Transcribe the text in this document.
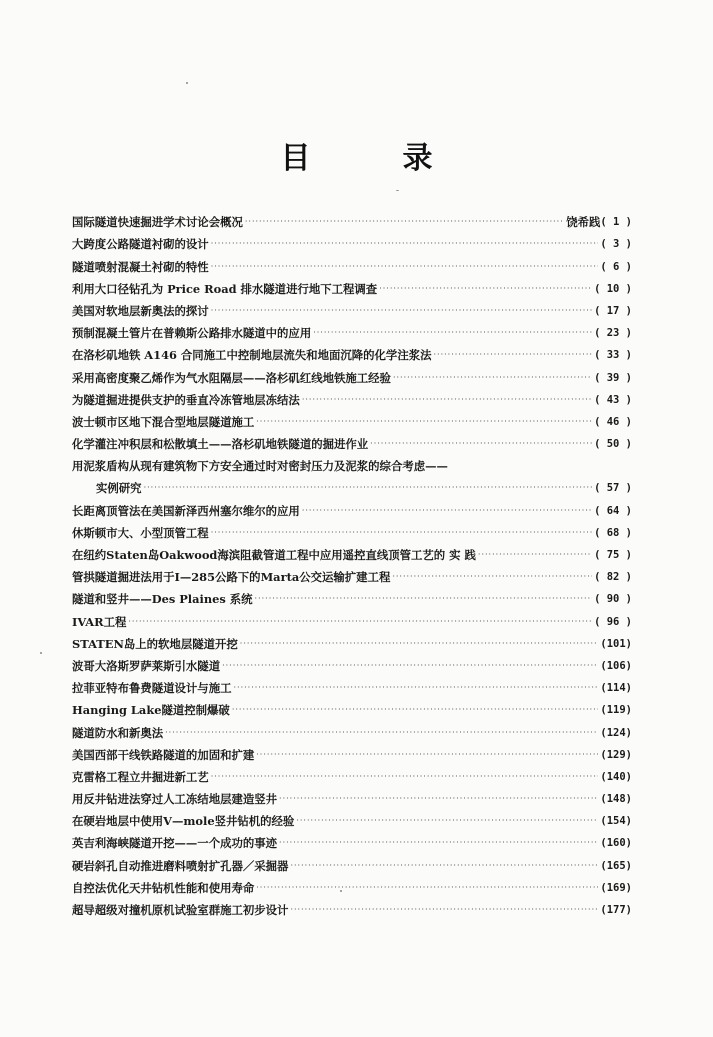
目	录
国际隧道快速掘进学术讨论会概况 ·····	饶希践 ( 1 )
大跨度公路隧道衬砌的设计 ·····	( 3 )
隧道喷射混凝土衬砌的特性 ·····	( 6 )
利用大口径钻孔为 Price Road 排水隧道进行地下工程调查 ·····	( 10 )
美国对软地层新奥法的探讨 ·····	( 17 )
预制混凝土管片在普赖斯公路排水隧道中的应用 ·····	( 23 )
在洛杉矶地铁 A146 合同施工中控制地层流失和地面沉降的化学注浆法 ·····	( 33 )
采用高密度聚乙烯作为气水阻隔层——洛杉矶红线地铁施工经验 ·····	( 39 )
为隧道掘进提供支护的垂直冷冻管地层冻结法 ·····	( 43 )
波士顿市区地下混合型地层隧道施工 ·····	( 46 )
化学灌注冲积层和松散填土——洛杉矶地铁隧道的掘进作业 ·····	( 50 )
用泥浆盾构从现有建筑物下方安全通过时对密封压力及泥浆的综合考虑——
实例研究 ·····	( 57 )
长距离顶管法在美国新泽西州塞尔维尔的应用 ·····	( 64 )
休斯顿市大、小型顶管工程 ·····	( 68 )
在纽约Staten岛Oakwood海滨阻截管道工程中应用遥控直线顶管工艺的 实 践 ·····	( 75 )
管拱隧道掘进法用于I—285公路下的Marta公交运输扩建工程 ·····	( 82 )
隧道和竖井——Des Plaines 系统 ·····	( 90 )
IVAR工程 ·····	( 96 )
STATEN岛上的软地层隧道开挖 ·····	(101)
波哥大洛斯罗萨莱斯引水隧道 ·····	(106)
拉菲亚特布鲁费隧道设计与施工 ·····	(114)
Hanging Lake隧道控制爆破 ·····	(119)
隧道防水和新奥法 ·····	(124)
美国西部干线铁路隧道的加固和扩建 ·····	(129)
克雷格工程立井掘进新工艺 ·····	(140)
用反井钻进法穿过人工冻结地层建造竖井 ·····	(148)
在硬岩地层中使用V—mole竖井钻机的经验 ·····	(154)
英吉利海峡隧道开挖——一个成功的事迹 ·····	(160)
硬岩斜孔自动推进磨料喷射扩孔器／采掘器 ·····	(165)
自控法优化天井钻机性能和使用寿命 ·····	(169)
超导超级对撞机原机试验室群施工初步设计 ·····	(177)
